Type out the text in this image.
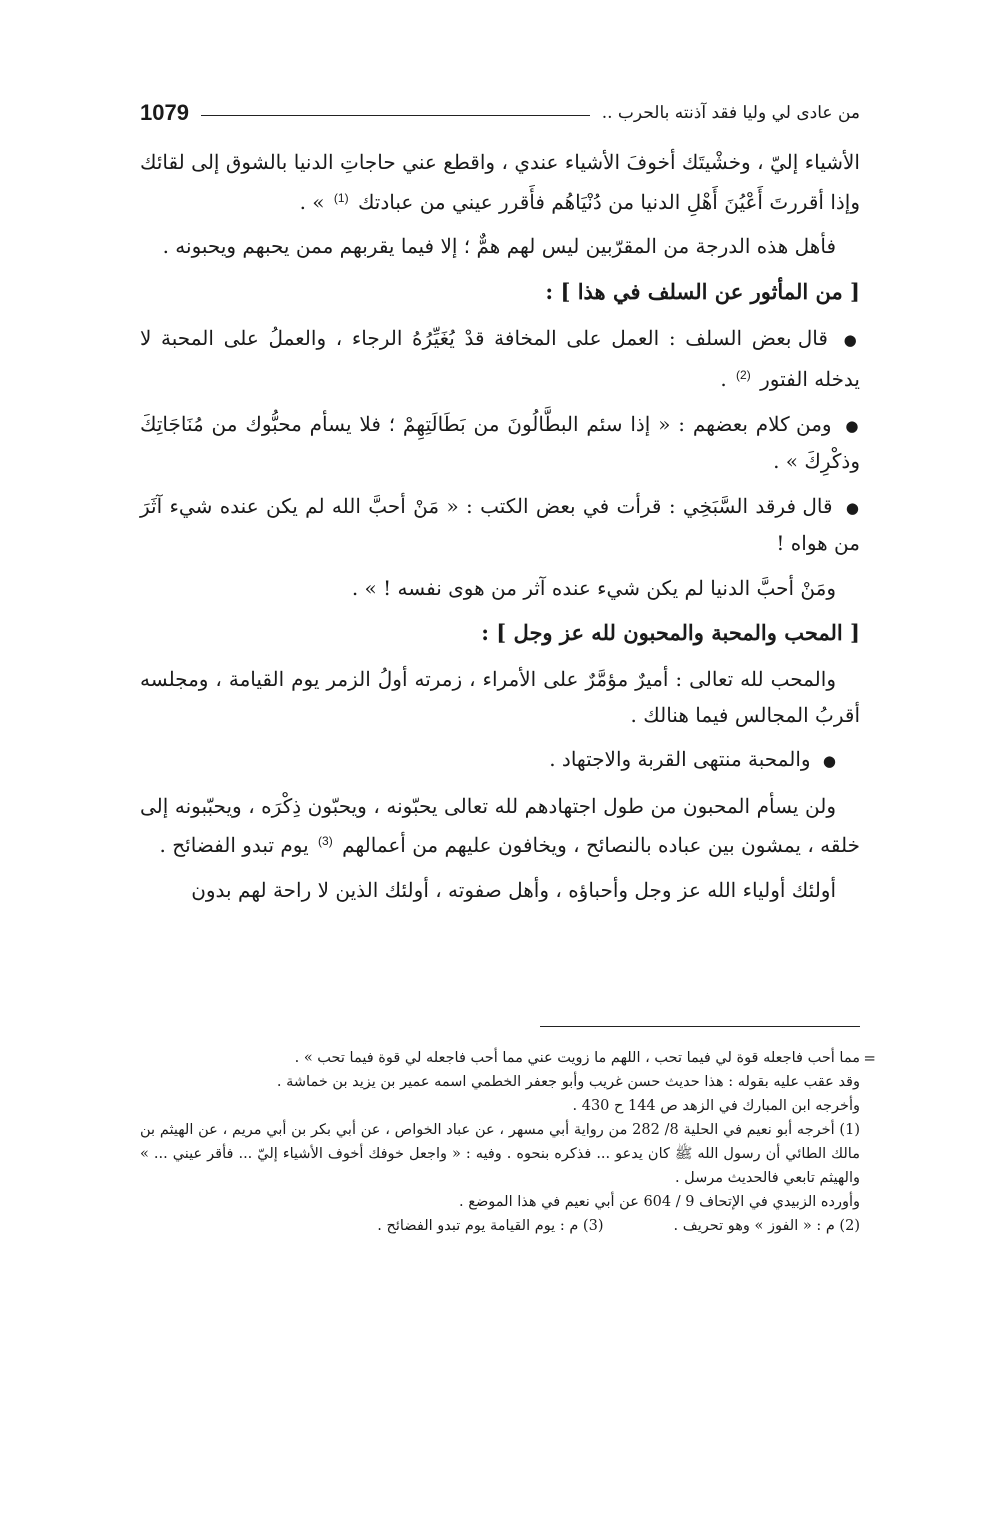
من عادى لي وليا فقد آذنته بالحرب ..
1079

الأشياء إليّ ، وخشْيتَك أخوفَ الأشياء عندي ، واقطع عني حاجاتِ الدنيا بالشوق إلى لقائك وإذا أقررتَ أَعْيُنَ أَهْلِ الدنيا من دُنْيَاهُم فأَقرر عيني من عبادتك $^{(1)}$ » .

فأهل هذه الدرجة من المقرّبين ليس لهم همٌّ ؛ إلا فيما يقربهم ممن يحبهم ويحبونه .

[ من المأثور عن السلف في هذا ] :

● قال بعض السلف : العمل على المخافة قدْ يُغَيِّرُهُ الرجاء ، والعملُ على المحبة لا يدخله الفتور $^{(2)}$ .

● ومن كلام بعضهم : « إذا سئم البطَّالُونَ من بَطَالَتِهِمْ ؛ فلا يسأم محبُّوك من مُنَاجَاتِكَ وذكْرِكَ » .

● قال فرقد السَّبَخِي : قرأت في بعض الكتب : « مَنْ أحبَّ الله لم يكن عنده شيء آثَرَ من هواه !

ومَنْ أحبَّ الدنيا لم يكن شيء عنده آثر من هوى نفسه ! » .

[ المحب والمحبة والمحبون لله عز وجل ] :

والمحب لله تعالى : أميرٌ مؤمَّرٌ على الأمراء ، زمرته أولُ الزمر يوم القيامة ، ومجلسه أقربُ المجالس فيما هنالك .

● والمحبة منتهى القربة والاجتهاد .

ولن يسأم المحبون من طول اجتهادهم لله تعالى يحبّونه ، ويحبّون ذِكْرَه ، ويحبّبونه إلى خلقه ، يمشون بين عباده بالنصائح ، ويخافون عليهم من أعمالهم $^{(3)}$ يوم تبدو الفضائح .

أولئك أولياء الله عز وجل وأحباؤه ، وأهل صفوته ، أولئك الذين لا راحة لهم بدون

=
مما أحب فاجعله قوة لي فيما تحب ، اللهم ما زويت عني مما أحب فاجعله لي قوة فيما تحب » .

وقد عقب عليه بقوله : هذا حديث حسن غريب وأبو جعفر الخطمي اسمه عمير بن يزيد بن خماشة .

وأخرجه ابن المبارك في الزهد ص 144 ح 430 .

(1) أخرجه أبو نعيم في الحلية 8/ 282 من رواية أبي مسهر ، عن عباد الخواص ، عن أبي بكر بن أبي مريم ، عن الهيثم بن مالك الطائي أن رسول الله ﷺ كان يدعو ... فذكره بنحوه . وفيه : « واجعل خوفك أخوف الأشياء إليّ ... فأقر عيني ... » والهيثم تابعي فالحديث مرسل .

وأورده الزبيدي في الإتحاف 9 / 604 عن أبي نعيم في هذا الموضع .

(2) م : « الفوز » وهو تحريف .
(3) م : يوم القيامة يوم تبدو الفضائح .
